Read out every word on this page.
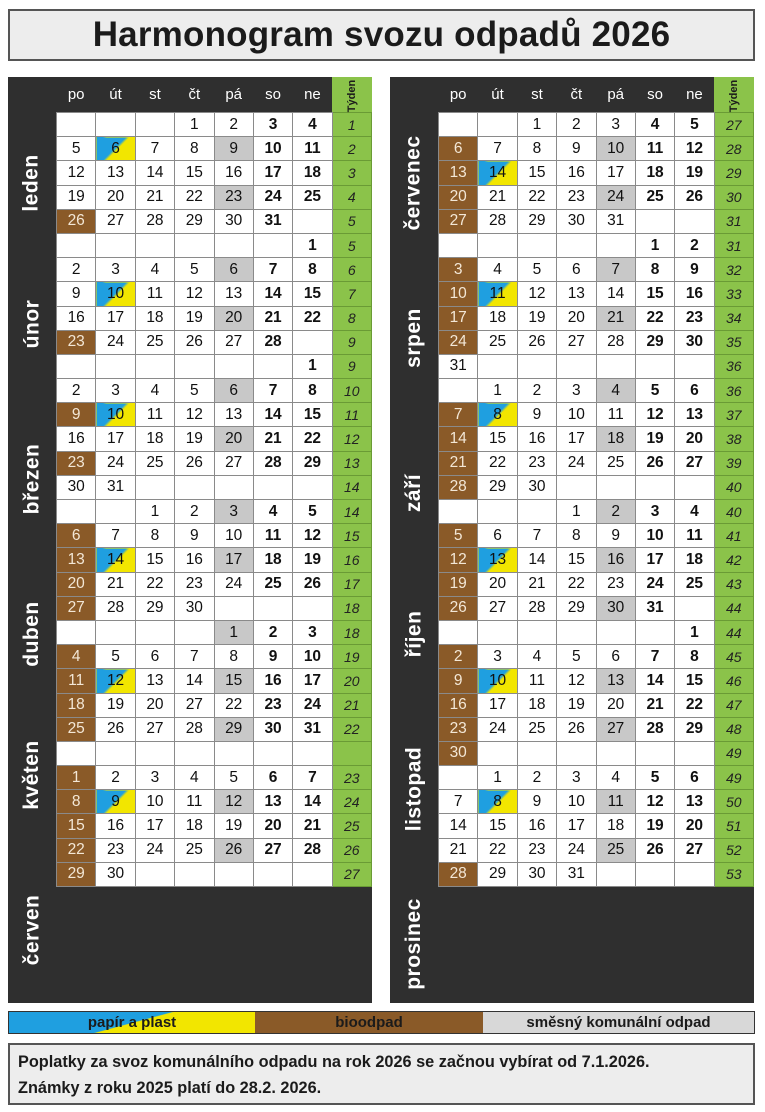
Harmonogram svozu odpadů 2026
po	út	st	čt	pá	so	ne	Týden
			1	2	3	4	1
5	6	7	8	9	10	11	2
12	13	14	15	16	17	18	3
19	20	21	22	23	24	25	4
26	27	28	29	30	31		5
						1	5
2	3	4	5	6	7	8	6
9	10	11	12	13	14	15	7
16	17	18	19	20	21	22	8
23	24	25	26	27	28		9
						1	9
2	3	4	5	6	7	8	10
9	10	11	12	13	14	15	11
16	17	18	19	20	21	22	12
23	24	25	26	27	28	29	13
30	31						14
		1	2	3	4	5	14
6	7	8	9	10	11	12	15
13	14	15	16	17	18	19	16
20	21	22	23	24	25	26	17
27	28	29	30				18
				1	2	3	18
4	5	6	7	8	9	10	19
11	12	13	14	15	16	17	20
18	19	20	27	22	23	24	21
25	26	27	28	29	30	31	22

1	2	3	4	5	6	7	23
8	9	10	11	12	13	14	24
15	16	17	18	19	20	21	25
22	23	24	25	26	27	28	26
29	30						27
leden
únor
březen
duben
květen
červen
po	út	st	čt	pá	so	ne	Týden
		1	2	3	4	5	27
6	7	8	9	10	11	12	28
13	14	15	16	17	18	19	29
20	21	22	23	24	25	26	30
27	28	29	30	31			31
					1	2	31
3	4	5	6	7	8	9	32
10	11	12	13	14	15	16	33
17	18	19	20	21	22	23	34
24	25	26	27	28	29	30	35
31							36
	1	2	3	4	5	6	36
7	8	9	10	11	12	13	37
14	15	16	17	18	19	20	38
21	22	23	24	25	26	27	39
28	29	30					40
			1	2	3	4	40
5	6	7	8	9	10	11	41
12	13	14	15	16	17	18	42
19	20	21	22	23	24	25	43
26	27	28	29	30	31		44
						1	44
2	3	4	5	6	7	8	45
9	10	11	12	13	14	15	46
16	17	18	19	20	21	22	47
23	24	25	26	27	28	29	48
30							49
	1	2	3	4	5	6	49
7	8	9	10	11	12	13	50
14	15	16	17	18	19	20	51
21	22	23	24	25	26	27	52
28	29	30	31				53
červenec
srpen
září
říjen
listopad
prosinec
papír a plast	bioodpad	směsný komunální odpad
Poplatky za svoz komunálního odpadu na rok 2026 se začnou vybírat od 7.1.2026.
Známky z roku 2025 platí do 28.2. 2026.
